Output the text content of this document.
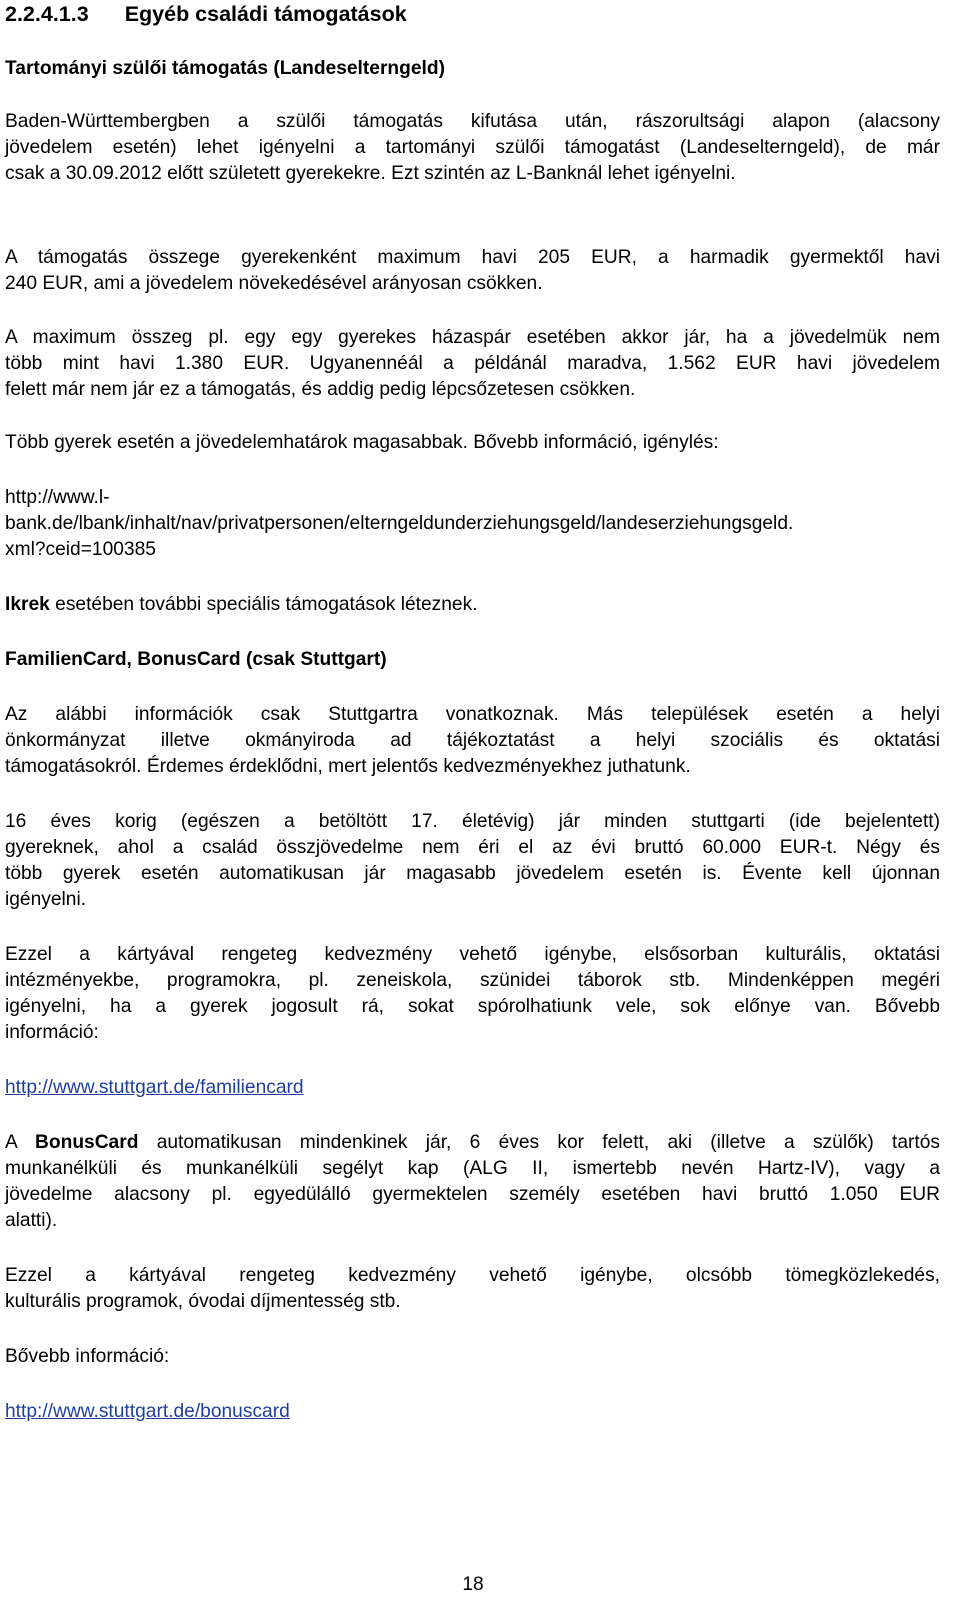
2.2.4.1.3 Egyéb családi támogatások
Tartományi szülői támogatás (Landeselterngeld)
Baden-Württembergben a szülői támogatás kifutása után, rászorultsági alapon (alacsony
jövedelem esetén) lehet igényelni a tartományi szülői támogatást (Landeselterngeld), de már
csak a 30.09.2012 előtt született gyerekekre. Ezt szintén az L-Banknál lehet igényelni.
A támogatás összege gyerekenként maximum havi 205 EUR, a harmadik gyermektől havi
240 EUR, ami a jövedelem növekedésével arányosan csökken.
A maximum összeg pl. egy egy gyerekes házaspár esetében akkor jár, ha a jövedelmük nem
több mint havi 1.380 EUR. Ugyanennéál a példánál maradva, 1.562 EUR havi jövedelem
felett már nem jár ez a támogatás, és addig pedig lépcsőzetesen csökken.
Több gyerek esetén a jövedelemhatárok magasabbak. Bővebb információ, igénylés:
http://www.l-
bank.de/lbank/inhalt/nav/privatpersonen/elterngeldunderziehungsgeld/landeserziehungsgeld.
xml?ceid=100385
Ikrek esetében további speciális támogatások léteznek.
FamilienCard, BonusCard (csak Stuttgart)
Az alábbi információk csak Stuttgartra vonatkoznak. Más települések esetén a helyi
önkormányzat illetve okmányiroda ad tájékoztatást a helyi szociális és oktatási
támogatásokról. Érdemes érdeklődni, mert jelentős kedvezményekhez juthatunk.
16 éves korig (egészen a betöltött 17. életévig) jár minden stuttgarti (ide bejelentett)
gyereknek, ahol a család összjövedelme nem éri el az évi bruttó 60.000 EUR-t. Négy és
több gyerek esetén automatikusan jár magasabb jövedelem esetén is. Évente kell újonnan
igényelni.
Ezzel a kártyával rengeteg kedvezmény vehető igénybe, elsősorban kulturális, oktatási
intézményekbe, programokra, pl. zeneiskola, szünidei táborok stb. Mindenképpen megéri
igényelni, ha a gyerek jogosult rá, sokat spórolhatiunk vele, sok előnye van. Bővebb
információ:
http://www.stuttgart.de/familiencard
A BonusCard automatikusan mindenkinek jár, 6 éves kor felett, aki (illetve a szülők) tartós
munkanélküli és munkanélküli segélyt kap (ALG II, ismertebb nevén Hartz-IV), vagy a
jövedelme alacsony pl. egyedülálló gyermektelen személy esetében havi bruttó 1.050 EUR
alatti).
Ezzel a kártyával rengeteg kedvezmény vehető igénybe, olcsóbb tömegközlekedés,
kulturális programok, óvodai díjmentesség stb.
Bővebb információ:
http://www.stuttgart.de/bonuscard
18
